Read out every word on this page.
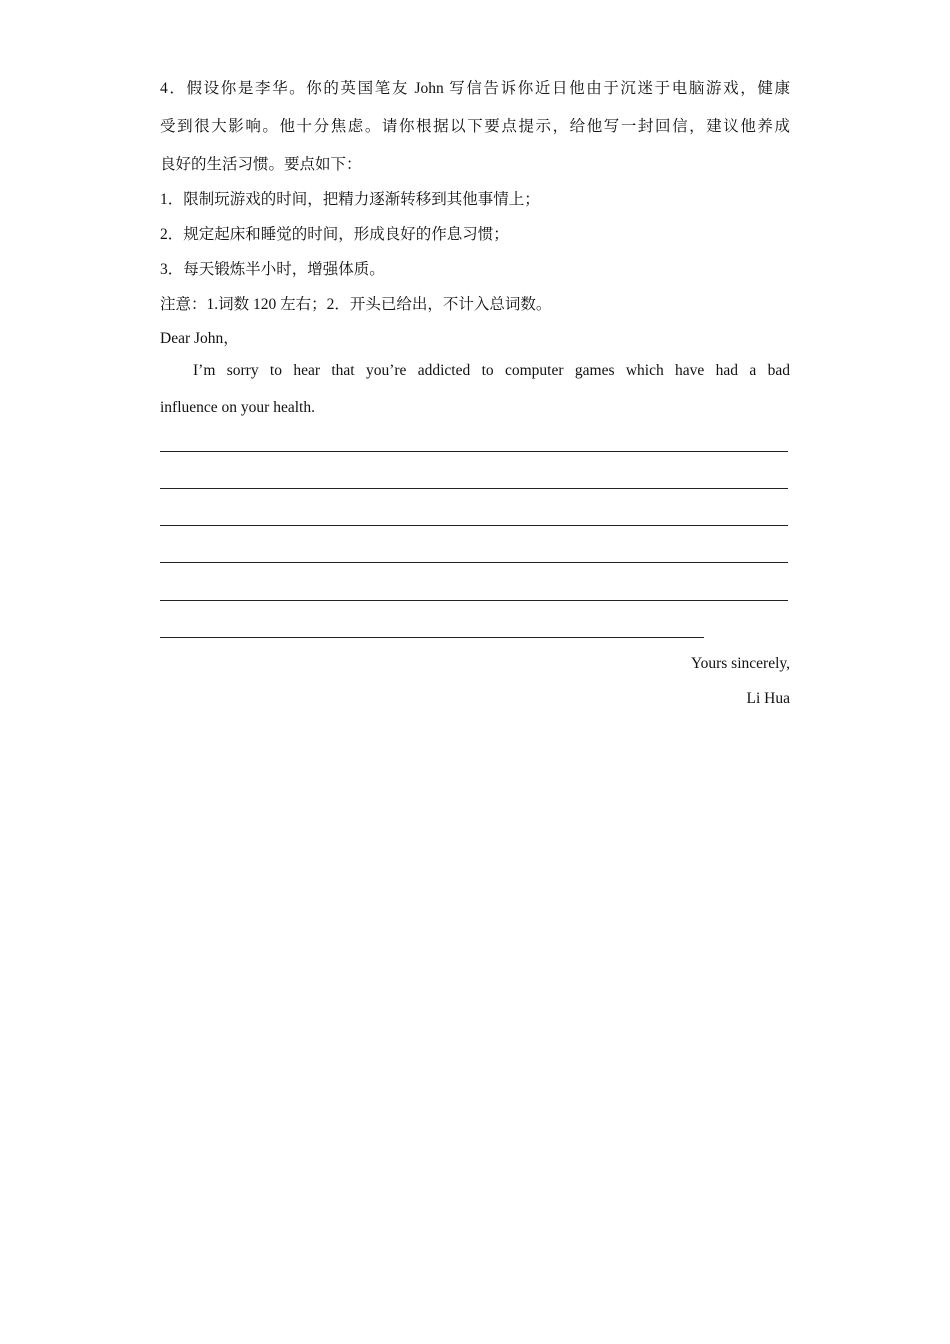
4．假设你是李华。你的英国笔友 John 写信告诉你近日他由于沉迷于电脑游戏，健康
受到很大影响。他十分焦虑。请你根据以下要点提示，给他写一封回信，建议他养成
良好的生活习惯。要点如下：
1．限制玩游戏的时间，把精力逐渐转移到其他事情上；
2．规定起床和睡觉的时间，形成良好的作息习惯；
3．每天锻炼半小时，增强体质。
注意：1.词数 120 左右；2．开头已给出，不计入总词数。
Dear John，
I’m sorry to hear that you’re addicted to computer games which have had a bad
influence on your health.
Yours sincerely,
Li Hua
